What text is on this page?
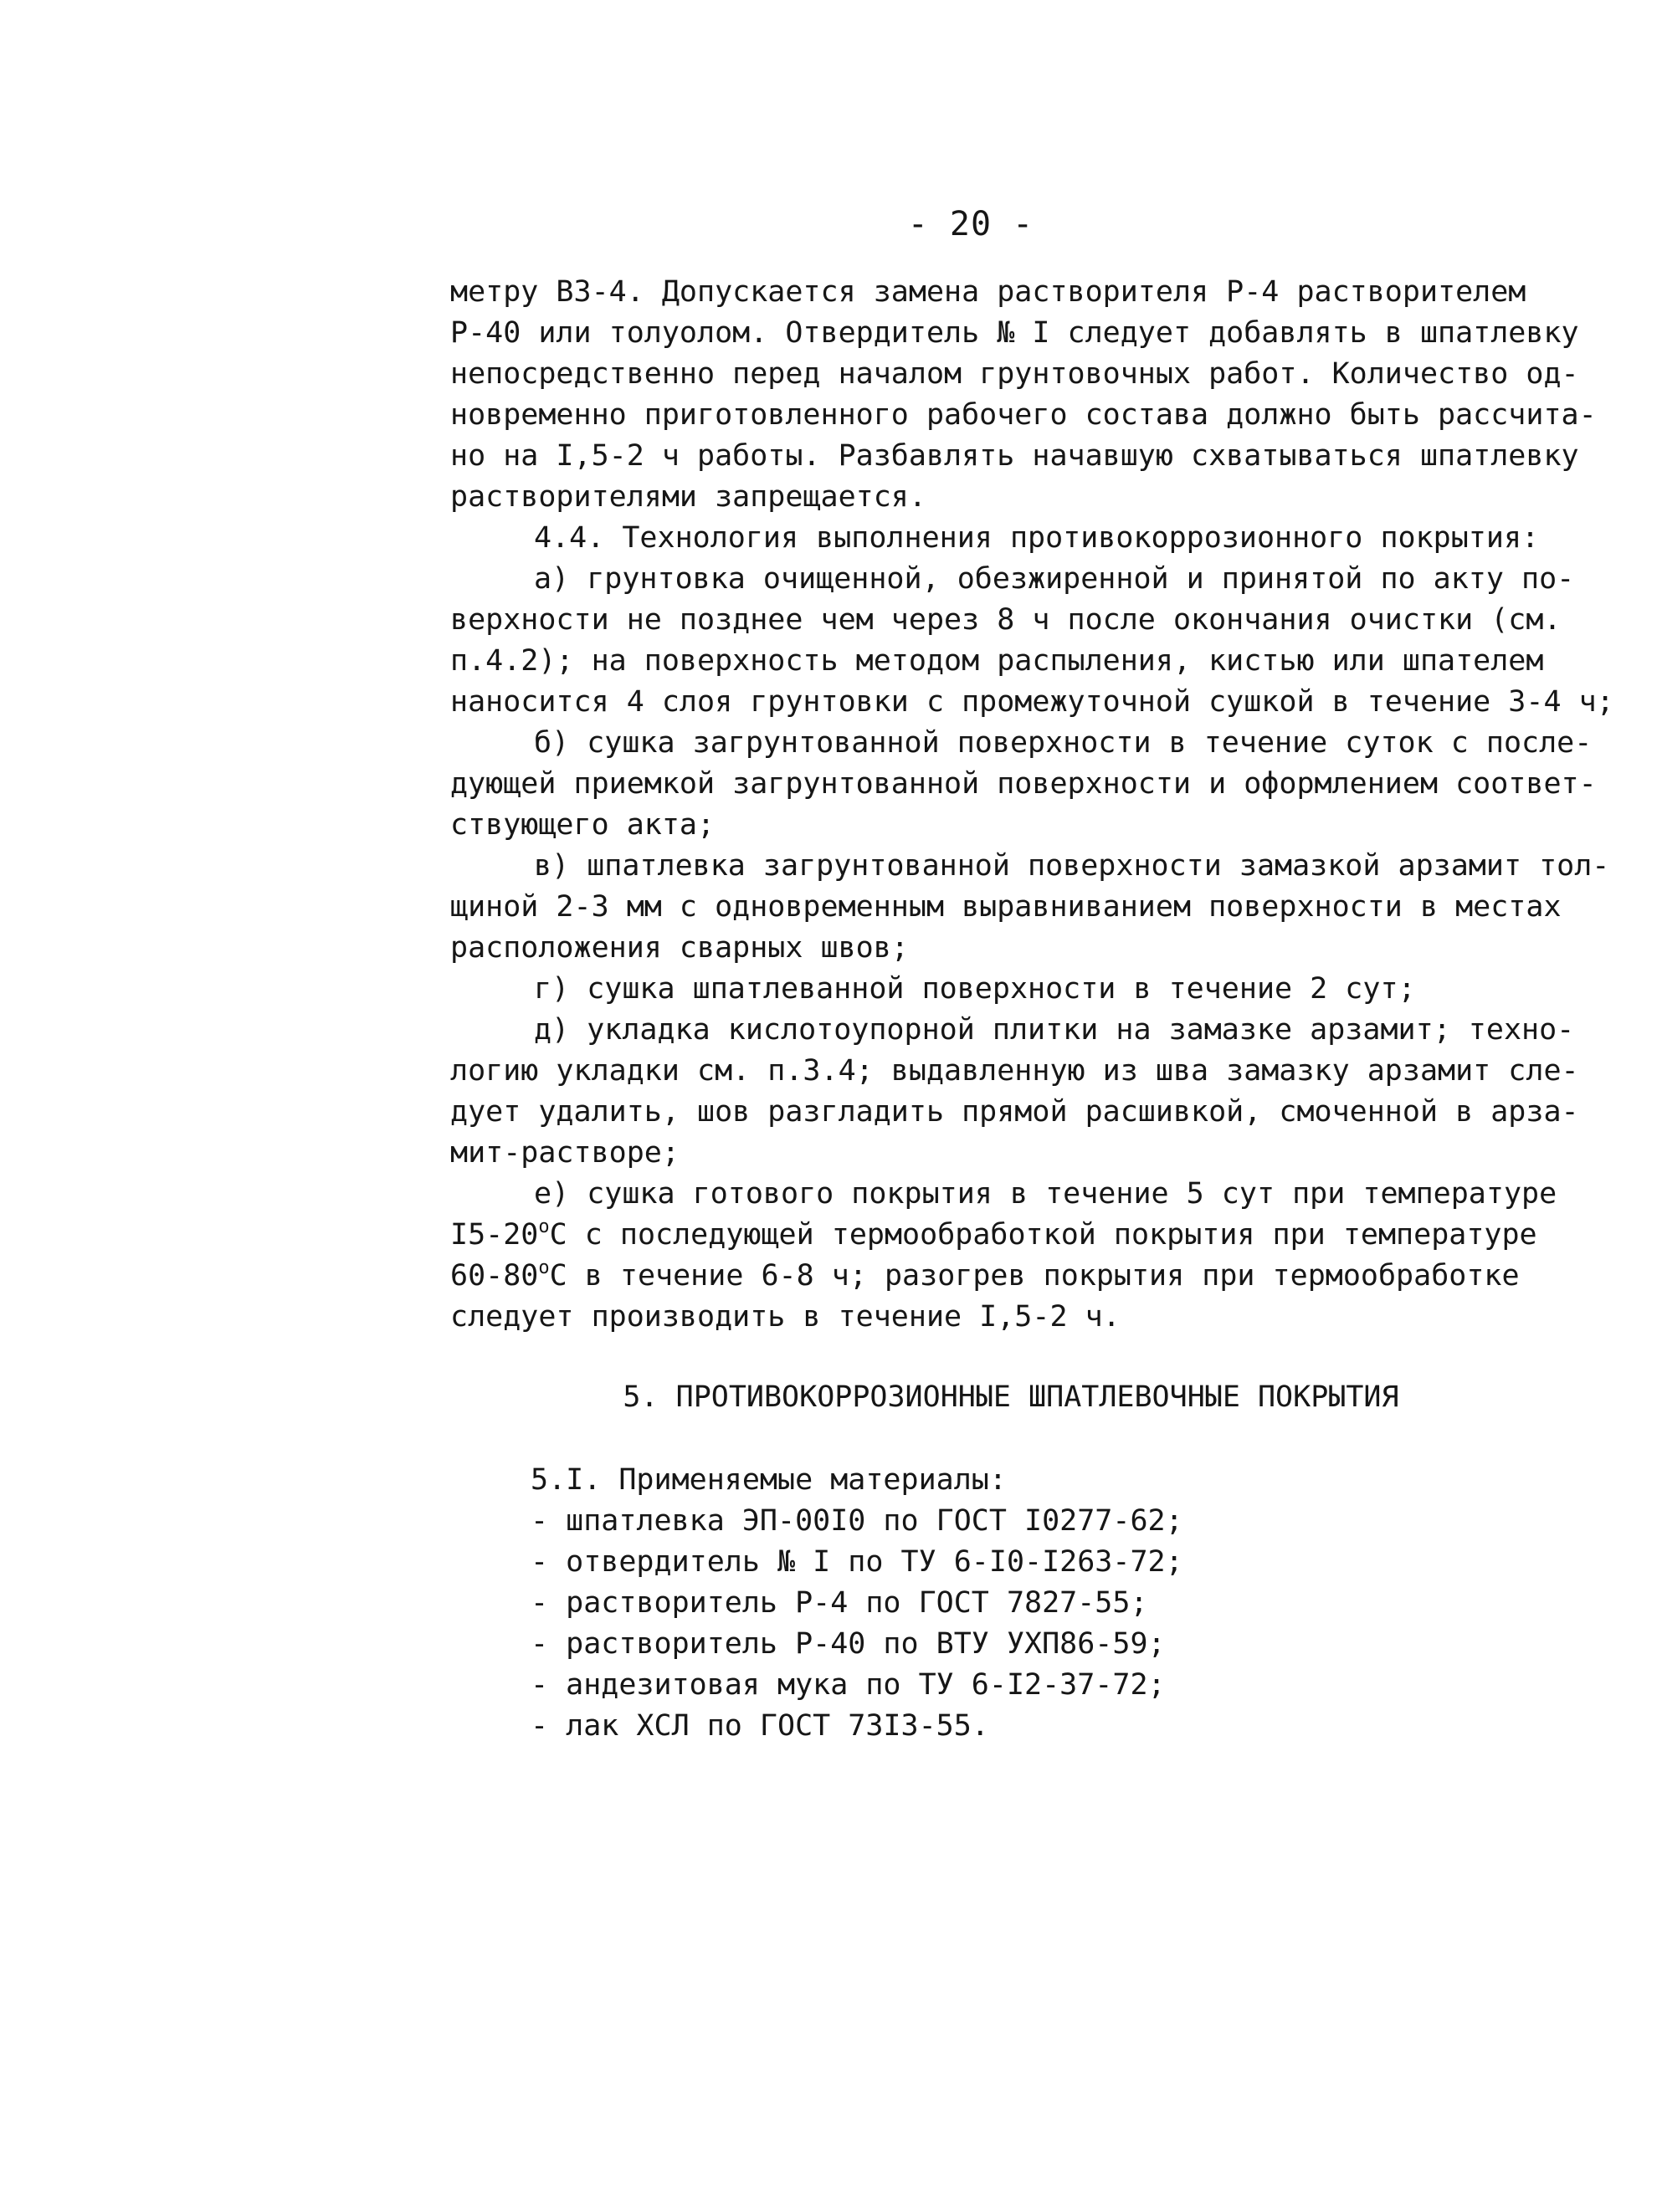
- 20 -
метру ВЗ-4. Допускается замена растворителя Р-4 растворителем
Р-40 или толуолом. Отвердитель № I следует добавлять в шпатлевку
непосредственно перед началом грунтовочных работ. Количество од-
новременно приготовленного рабочего состава должно быть рассчита-
но на I,5-2 ч работы. Разбавлять начавшую схватываться шпатлевку
растворителями запрещается.
4.4. Технология выполнения противокоррозионного покрытия:
а) грунтовка очищенной, обезжиренной и принятой по акту по-
верхности не позднее чем через 8 ч после окончания очистки (см.
п.4.2); на поверхность методом распыления, кистью или шпателем
наносится 4 слоя грунтовки с промежуточной сушкой в течение 3-4 ч;
б) сушка загрунтованной поверхности в течение суток с после-
дующей приемкой загрунтованной поверхности и оформлением соответ-
ствующего акта;
в) шпатлевка загрунтованной поверхности замазкой арзамит тол-
щиной 2-3 мм с одновременным выравниванием поверхности в местах
расположения сварных швов;
г) сушка шпатлеванной поверхности в течение 2 сут;
д) укладка кислотоупорной плитки на замазке арзамит; техно-
логию укладки см. п.3.4; выдавленную из шва замазку арзамит сле-
дует удалить, шов разгладить прямой расшивкой, смоченной в арза-
мит-растворе;
е) сушка готового покрытия в течение 5 сут при температуре
I5-20$^o$С с последующей термообработкой покрытия при температуре
60-80$^o$С в течение 6-8 ч; разогрев покрытия при термообработке
следует производить в течение I,5-2 ч.
5. ПРОТИВОКОРРОЗИОННЫЕ ШПАТЛЕВОЧНЫЕ ПОКРЫТИЯ
5.I. Применяемые материалы:
- шпатлевка ЭП-00I0 по ГОСТ I0277-62;
- отвердитель № I по ТУ 6-I0-I263-72;
- растворитель Р-4 по ГОСТ 7827-55;
- растворитель Р-40 по ВТУ УХП86-59;
- андезитовая мука по ТУ 6-I2-37-72;
- лак ХСЛ по ГОСТ 73I3-55.
